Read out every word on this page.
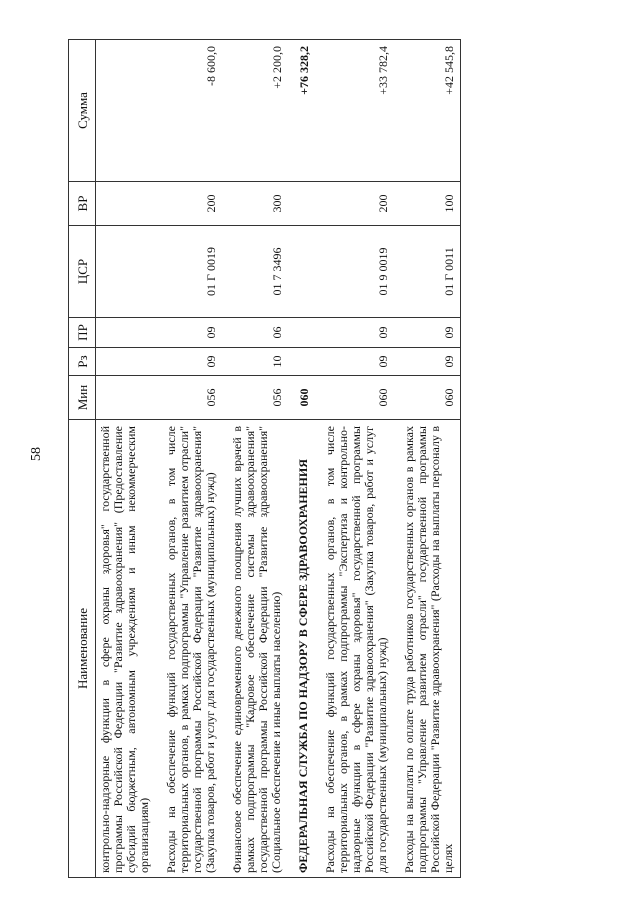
58
Наименование	Мин	Рз	ПР	ЦСР	ВР	Сумма
контрольно-надзорные функции в сфере охраны здоровья" государственной программы Российской Федерации "Развитие здравоохранения" (Предоставление субсидий бюджетным, автономным учреждениям и иным некоммерческим организациям)						
Расходы на обеспечение функций государственных органов, в том числе территориальных органов, в рамках подпрограммы "Управление развитием отрасли" государственной программы Российской Федерации "Развитие здравоохранения" (Закупка товаров, работ и услуг для государственных (муниципальных) нужд)	056	09	09	01 Г 0019	200	-8 600,0
Финансовое обеспечение единовременного денежного поощрения лучших врачей в рамках подпрограммы "Кадровое обеспечение системы здравоохранения" государственной программы Российской Федерации "Развитие здравоохранения" (Социальное обеспечение и иные выплаты населению)	056	10	06	01 7 3496	300	+2 200,0
ФЕДЕРАЛЬНАЯ СЛУЖБА ПО НАДЗОРУ В СФЕРЕ ЗДРАВООХРАНЕНИЯ	060					+76 328,2
Расходы на обеспечение функций государственных органов, в том числе территориальных органов, в рамках подпрограммы "Экспертиза и контрольно-надзорные функции в сфере охраны здоровья" государственной программы Российской Федерации "Развитие здравоохранения" (Закупка товаров, работ и услуг для государственных (муниципальных) нужд)	060	09	09	01 9 0019	200	+33 782,4
Расходы на выплаты по оплате труда работников государственных органов в рамках подпрограммы "Управление развитием отрасли" государственной программы Российской Федерации "Развитие здравоохранения" (Расходы на выплаты персоналу в целях	060	09	09	01 Г 0011	100	+42 545,8
